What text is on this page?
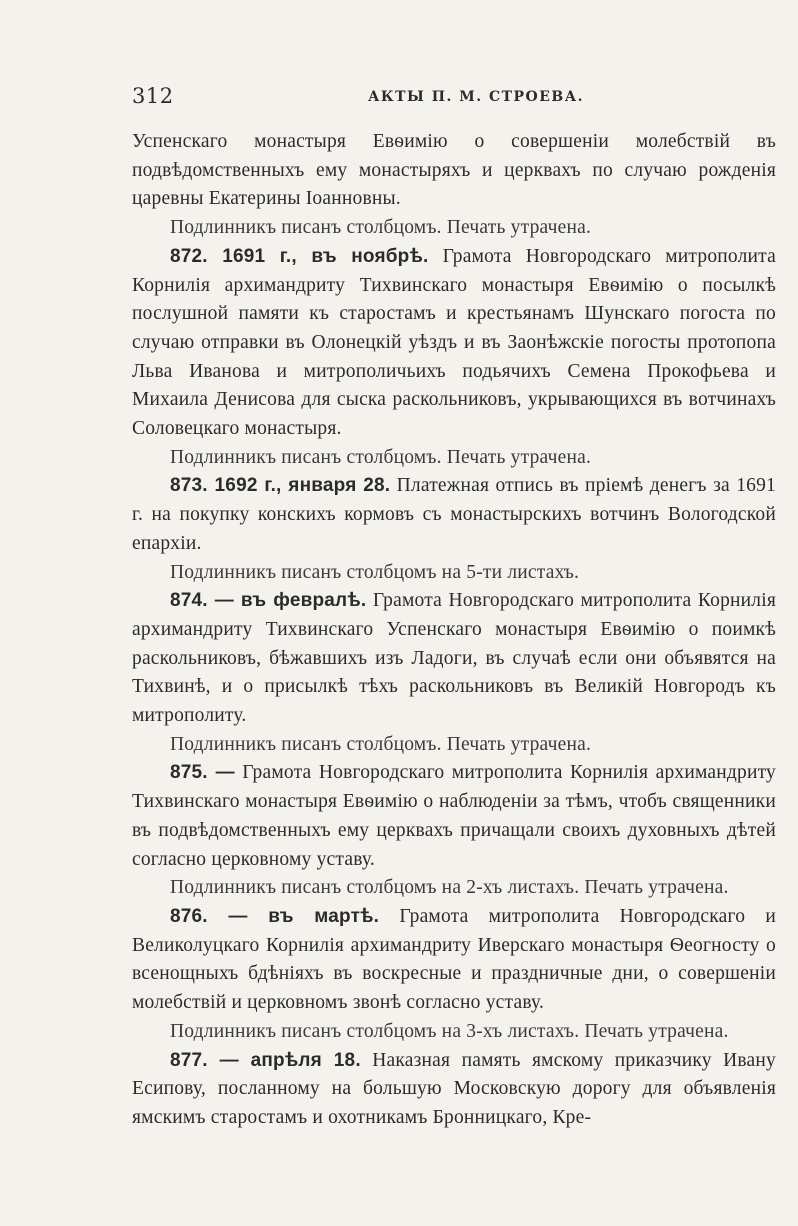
312	АКТЫ П. М. СТРОЕВА.

Успенскаго монастыря Евѳимію о совершеніи молебствій въ подвѣдомственныхъ ему монастыряхъ и церквахъ по случаю рожденія царевны Екатерины Іоанновны.

Подлинникъ писанъ столбцомъ. Печать утрачена.

872. 1691 г., въ ноябрѣ. Грамота Новгородскаго митрополита Корнилія архимандриту Тихвинскаго монастыря Евѳимію о посылкѣ послушной памяти къ старостамъ и крестьянамъ Шунскаго погоста по случаю отправки въ Олонецкій уѣздъ и въ Заонѣжскіе погосты протопопа Льва Иванова и митрополичьихъ подьячихъ Семена Прокофьева и Михаила Денисова для сыска раскольниковъ, укрывающихся въ вотчинахъ Соловецкаго монастыря.

Подлинникъ писанъ столбцомъ. Печать утрачена.

873. 1692 г., января 28. Платежная отпись въ пріемѣ денегъ за 1691 г. на покупку конскихъ кормовъ съ монастырскихъ вотчинъ Вологодской епархіи.

Подлинникъ писанъ столбцомъ на 5-ти листахъ.

874. — въ февралѣ. Грамота Новгородскаго митрополита Корнилія архимандриту Тихвинскаго Успенскаго монастыря Евѳимію о поимкѣ раскольниковъ, бѣжавшихъ изъ Ладоги, въ случаѣ если они объявятся на Тихвинѣ, и о присылкѣ тѣхъ раскольниковъ въ Великій Новгородъ къ митрополиту.

Подлинникъ писанъ столбцомъ. Печать утрачена.

875. — Грамота Новгородскаго митрополита Корнилія архимандриту Тихвинскаго монастыря Евѳимію о наблюденіи за тѣмъ, чтобъ священники въ подвѣдомственныхъ ему церквахъ причащали своихъ духовныхъ дѣтей согласно церковному уставу.

Подлинникъ писанъ столбцомъ на 2-хъ листахъ. Печать утрачена.

876. — въ мартѣ. Грамота митрополита Новгородскаго и Великолуцкаго Корнилія архимандриту Иверскаго монастыря Ѳеогносту о всенощныхъ бдѣніяхъ въ воскресные и праздничные дни, о совершеніи молебствій и церковномъ звонѣ согласно уставу.

Подлинникъ писанъ столбцомъ на 3-хъ листахъ. Печать утрачена.

877. — апрѣля 18. Наказная память ямскому приказчику Ивану Есипову, посланному на большую Московскую дорогу для объявленія ямскимъ старостамъ и охотникамъ Бронницкаго, Кре-
